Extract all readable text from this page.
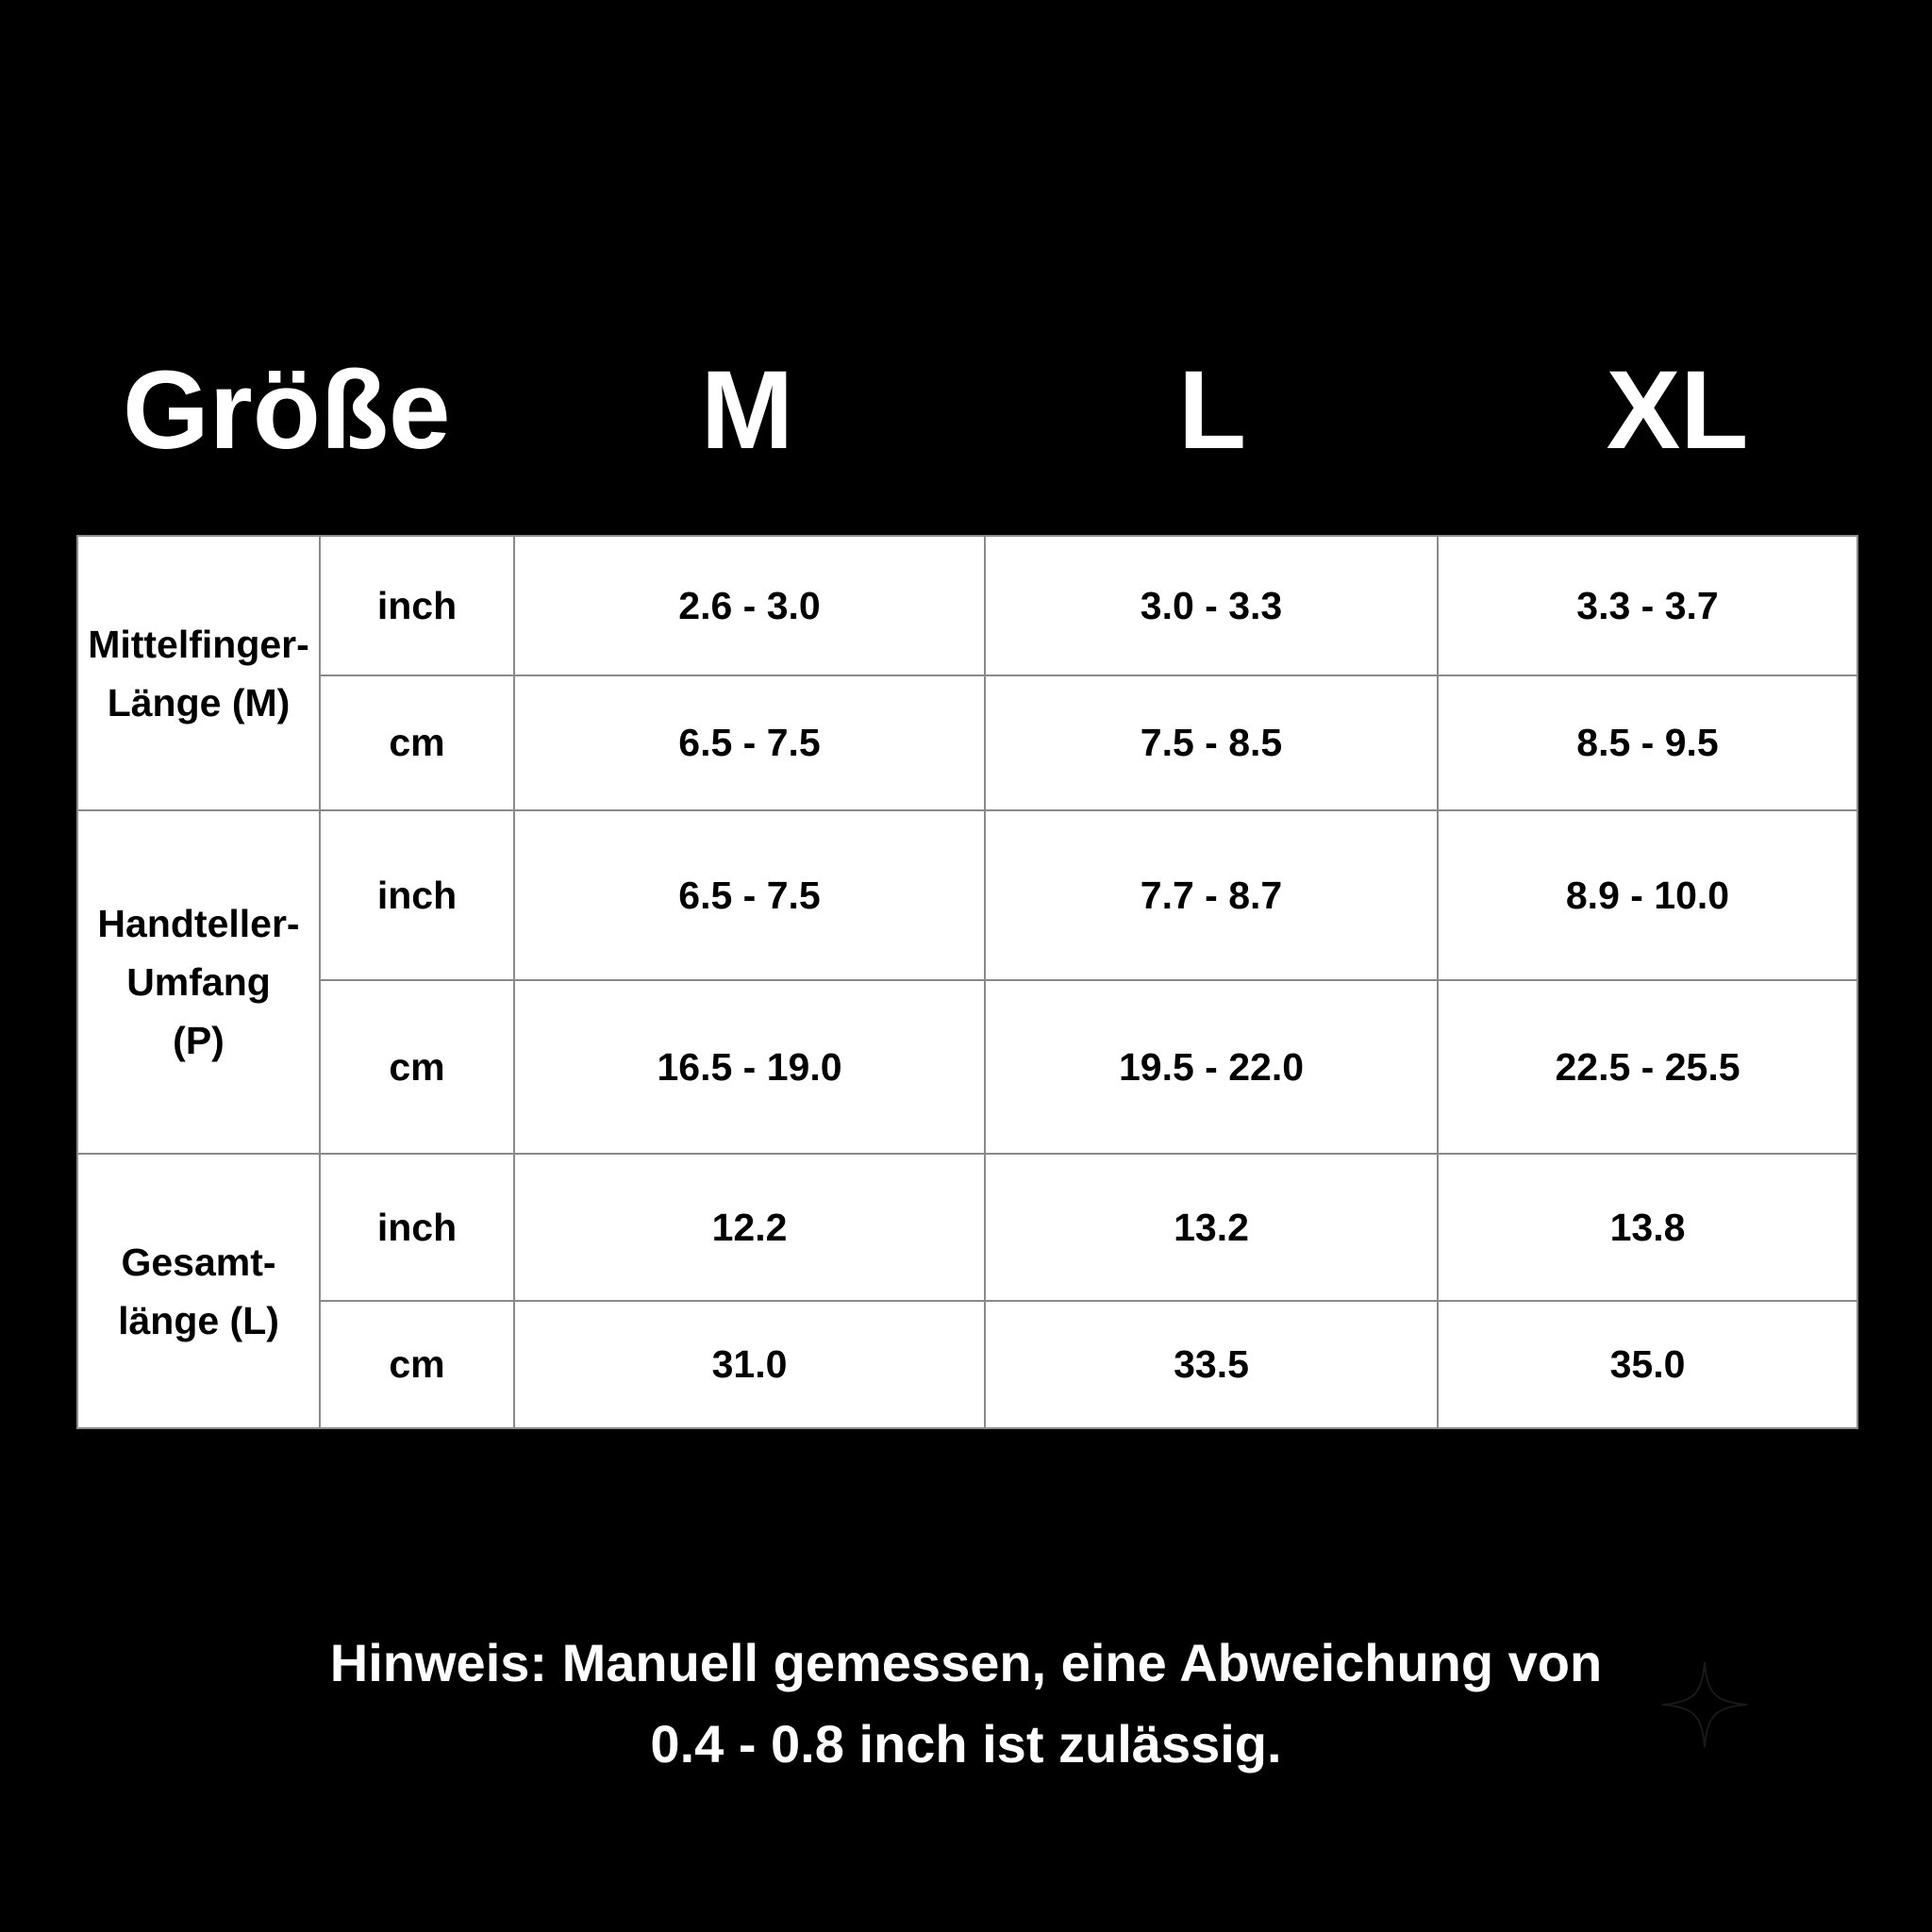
Größe	M	L	XL
Mittelfinger-
Länge (M)	inch	2.6 - 3.0	3.0 - 3.3	3.3 - 3.7
	cm	6.5 - 7.5	7.5 - 8.5	8.5 - 9.5

Handteller-
Umfang
(P)	inch	6.5 - 7.5	7.7 - 8.7	8.9 - 10.0
	cm	16.5 - 19.0	19.5 - 22.0	22.5 - 25.5

Gesamt-
länge (L)	inch	12.2	13.2	13.8
	cm	31.0	33.5	35.0
Hinweis: Manuell gemessen, eine Abweichung von
0.4 - 0.8 inch ist zulässig.
